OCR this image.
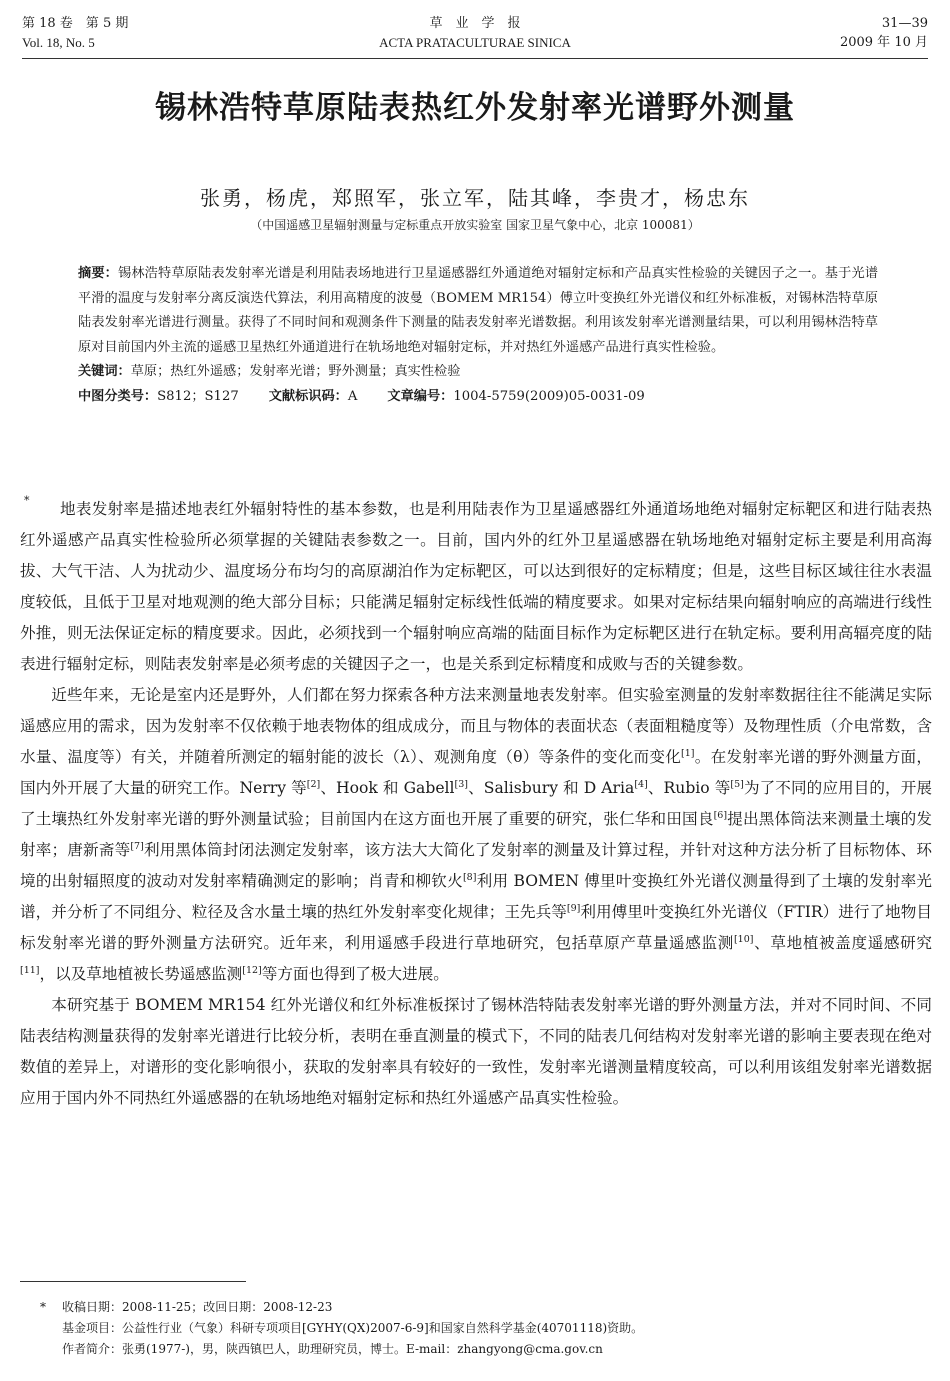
第 18 卷　第 5 期
Vol. 18, No. 5
草　业　学　报
ACTA PRATACULTURAE SINICA
31—39
2009 年 10 月
锡林浩特草原陆表热红外发射率光谱野外测量
张勇，杨虎，郑照军，张立军，陆其峰，李贵才，杨忠东
（中国遥感卫星辐射测量与定标重点开放实验室 国家卫星气象中心，北京 100081）

摘要：锡林浩特草原陆表发射率光谱是利用陆表场地进行卫星遥感器红外通道绝对辐射定标和产品真实性检验的关键因子之一。基于光谱平滑的温度与发射率分离反演迭代算法，利用高精度的波曼（BOMEM MR154）傅立叶变换红外光谱仪和红外标准板，对锡林浩特草原陆表发射率光谱进行测量。获得了不同时间和观测条件下测量的陆表发射率光谱数据。利用该发射率光谱测量结果，可以利用锡林浩特草原对目前国内外主流的遥感卫星热红外通道进行在轨场地绝对辐射定标，并对热红外遥感产品进行真实性检验。

关键词：草原；热红外遥感；发射率光谱；野外测量；真实性检验

中图分类号：S812；S127 文献标识码：A 文章编号：1004-5759(2009)05-0031-09

*	地表发射率是描述地表红外辐射特性的基本参数，也是利用陆表作为卫星遥感器红外通道场地绝对辐射定标靶区和进行陆表热红外遥感产品真实性检验所必须掌握的关键陆表参数之一。目前，国内外的红外卫星遥感器在轨场地绝对辐射定标主要是利用高海拔、大气干洁、人为扰动少、温度场分布均匀的高原湖泊作为定标靶区，可以达到很好的定标精度；但是，这些目标区域往往水表温度较低，且低于卫星对地观测的绝大部分目标；只能满足辐射定标线性低端的精度要求。如果对定标结果向辐射响应的高端进行线性外推，则无法保证定标的精度要求。因此，必须找到一个辐射响应高端的陆面目标作为定标靶区进行在轨定标。要利用高辐亮度的陆表进行辐射定标，则陆表发射率是必须考虑的关键因子之一，也是关系到定标精度和成败与否的关键参数。

近些年来，无论是室内还是野外，人们都在努力探索各种方法来测量地表发射率。但实验室测量的发射率数据往往不能满足实际遥感应用的需求，因为发射率不仅依赖于地表物体的组成成分，而且与物体的表面状态（表面粗糙度等）及物理性质（介电常数，含水量、温度等）有关，并随着所测定的辐射能的波长（λ）、观测角度（θ）等条件的变化而变化[1]。在发射率光谱的野外测量方面，国内外开展了大量的研究工作。Nerry 等[2]、Hook 和 Gabell[3]、Salisbury 和 D Aria[4]、Rubio 等[5]为了不同的应用目的，开展了土壤热红外发射率光谱的野外测量试验；目前国内在这方面也开展了重要的研究，张仁华和田国良[6]提出黑体筒法来测量土壤的发射率；唐新斋等[7]利用黑体筒封闭法测定发射率，该方法大大简化了发射率的测量及计算过程，并针对这种方法分析了目标物体、环境的出射辐照度的波动对发射率精确测定的影响；肖青和柳钦火[8]利用 BOMEN 傅里叶变换红外光谱仪测量得到了土壤的发射率光谱，并分析了不同组分、粒径及含水量土壤的热红外发射率变化规律；王先兵等[9]利用傅里叶变换红外光谱仪（FTIR）进行了地物目标发射率光谱的野外测量方法研究。近年来，利用遥感手段进行草地研究，包括草原产草量遥感监测[10]、草地植被盖度遥感研究[11]，以及草地植被长势遥感监测[12]等方面也得到了极大进展。

本研究基于 BOMEM MR154 红外光谱仪和红外标准板探讨了锡林浩特陆表发射率光谱的野外测量方法，并对不同时间、不同陆表结构测量获得的发射率光谱进行比较分析，表明在垂直测量的模式下，不同的陆表几何结构对发射率光谱的影响主要表现在绝对数值的差异上，对谱形的变化影响很小，获取的发射率具有较好的一致性，发射率光谱测量精度较高，可以利用该组发射率光谱数据应用于国内外不同热红外遥感器的在轨场地绝对辐射定标和热红外遥感产品真实性检验。

* 收稿日期：2008-11-25；改回日期：2008-12-23
基金项目：公益性行业（气象）科研专项项目[GYHY(QX)2007-6-9]和国家自然科学基金(40701118)资助。
作者简介：张勇(1977-)，男，陕西镇巴人，助理研究员，博士。E-mail：zhangyong@cma.gov.cn
